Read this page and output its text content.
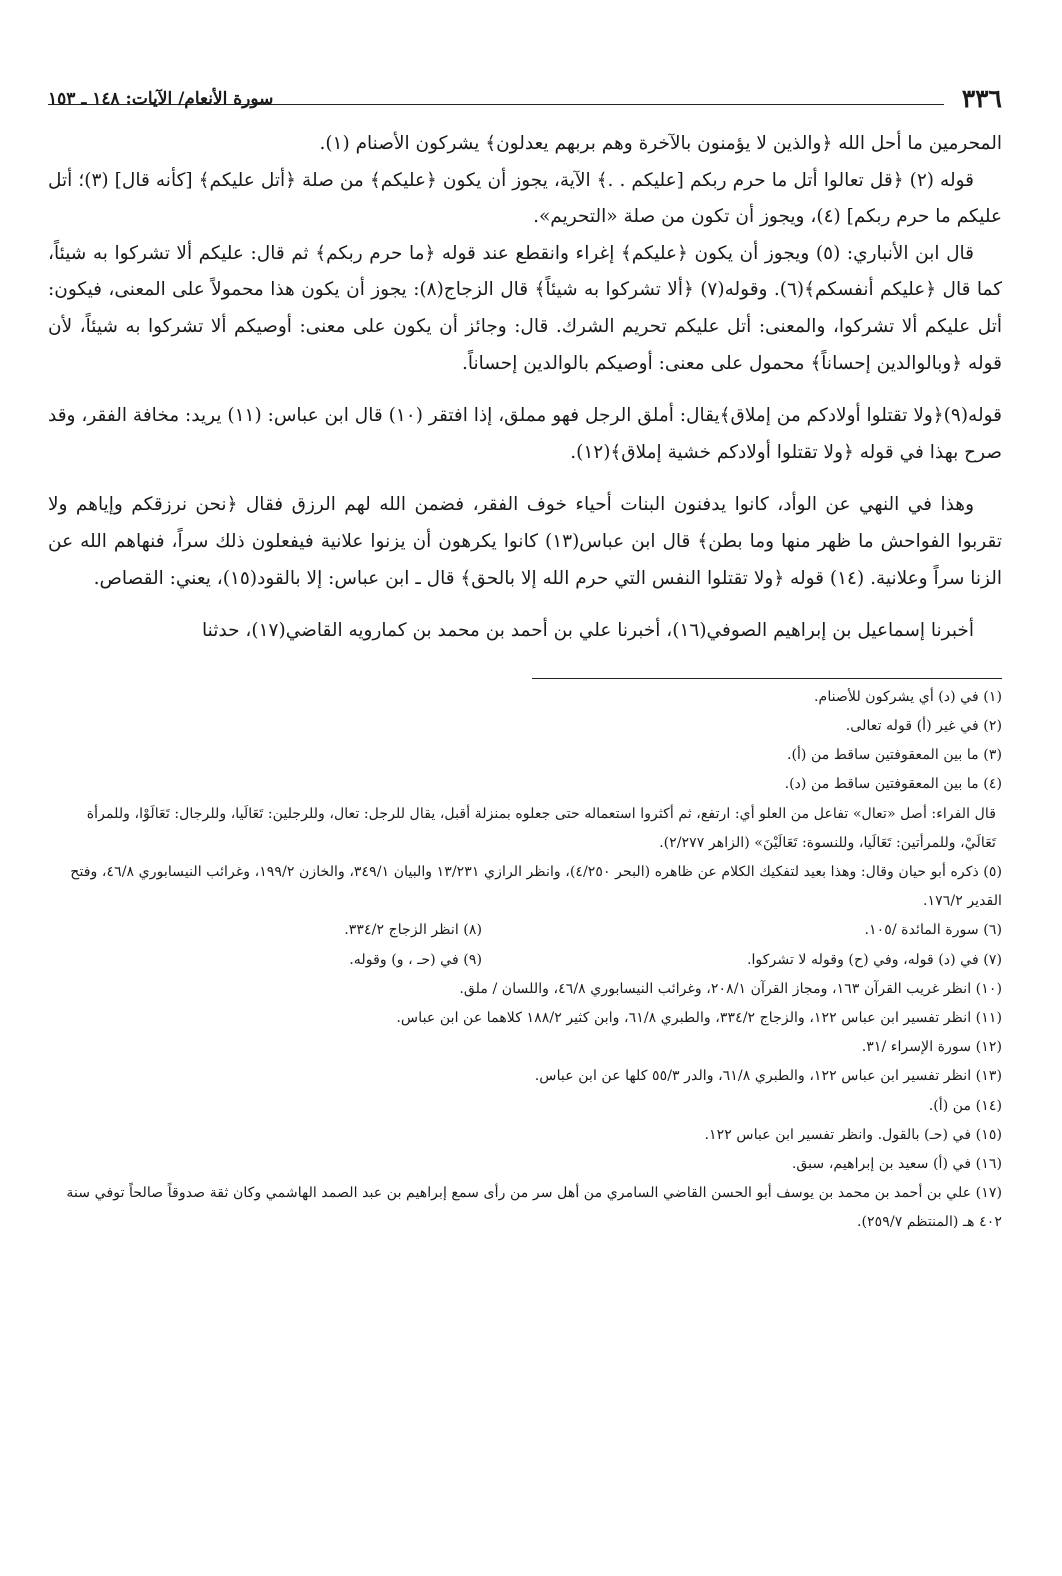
٣٣٦
سورة الأنعام/ الآيات: ١٤٨ ـ ١٥٣

المحرمين ما أحل الله ﴿والذين لا يؤمنون بالآخرة وهم بربهم يعدلون﴾ يشركون الأصنام (١).

قوله (٢) ﴿قل تعالوا أتل ما حرم ربكم [عليكم . .﴾ الآية، يجوز أن يكون ﴿عليكم﴾ من صلة ﴿أتل عليكم﴾ [كأنه قال] (٣)؛ أتل عليكم ما حرم ربكم] (٤)، ويجوز أن تكون من صلة «التحريم».

قال ابن الأنباري: (٥) ويجوز أن يكون ﴿عليكم﴾ إغراء وانقطع عند قوله ﴿ما حرم ربكم﴾ ثم قال: عليكم ألا تشركوا به شيئاً، كما قال ﴿عليكم أنفسكم﴾(٦). وقوله(٧) ﴿ألا تشركوا به شيئاً﴾ قال الزجاج(٨): يجوز أن يكون هذا محمولاً على المعنى، فيكون: أتل عليكم ألا تشركوا، والمعنى: أتل عليكم تحريم الشرك. قال: وجائز أن يكون على معنى: أوصيكم ألا تشركوا به شيئاً، لأن قوله ﴿وبالوالدين إحساناً﴾ محمول على معنى: أوصيكم بالوالدين إحساناً.

قوله(٩)﴿ولا تقتلوا أولادكم من إملاق﴾يقال: أملق الرجل فهو مملق، إذا افتقر (١٠) قال ابن عباس: (١١) يريد: مخافة الفقر، وقد صرح بهذا في قوله ﴿ولا تقتلوا أولادكم خشية إملاق﴾(١٢).

وهذا في النهي عن الوأد، كانوا يدفنون البنات أحياء خوف الفقر، فضمن الله لهم الرزق فقال ﴿نحن نرزقكم وإياهم ولا تقربوا الفواحش ما ظهر منها وما بطن﴾ قال ابن عباس(١٣) كانوا يكرهون أن يزنوا علانية فيفعلون ذلك سراً، فنهاهم الله عن الزنا سراً وعلانية. (١٤) قوله ﴿ولا تقتلوا النفس التي حرم الله إلا بالحق﴾ قال ـ ابن عباس: إلا بالقود(١٥)، يعني: القصاص.

أخبرنا إسماعيل بن إبراهيم الصوفي(١٦)، أخبرنا علي بن أحمد بن محمد بن كمارويه القاضي(١٧)، حدثنا

(١) في (د) أي يشركون للأصنام.

(٢) في غير (أ) قوله تعالى.

(٣) ما بين المعقوفتين ساقط من (أ).

(٤) ما بين المعقوفتين ساقط من (د).

قال الفراء: أصل «تعال» تفاعل من العلو أي: ارتفع، ثم أكثروا استعماله حتى جعلوه بمنزلة أقبل، يقال للرجل: تعال، وللرجلين: تَعَالَيا، وللرجال: تَعَالَوْا، وللمرأة تَعَالَيْ، وللمرأتين: تَعَالَيا، وللنسوة: تَعَالَيْنَ» (الزاهر ٢/٢٧٧).

(٥) ذكره أبو حيان وقال: وهذا بعيد لتفكيك الكلام عن ظاهره (البحر ٤/٢٥٠)، وانظر الرازي ١٣/٢٣١ والبيان ٣٤٩/١، والخازن ١٩٩/٢، وغرائب النيسابوري ٤٦/٨، وفتح القدير ١٧٦/٢.

(٦) سورة المائدة /١٠٥.
(٨) انظر الزجاج ٣٣٤/٢.
(٧) في (د) قوله، وفي (ح) وقوله لا تشركوا.
(٩) في (حـ ، و) وقوله.

(١٠) انظر غريب القرآن ١٦٣، ومجاز القرآن ٢٠٨/١، وغرائب النيسابوري ٤٦/٨، واللسان / ملق.

(١١) انظر تفسير ابن عباس ١٢٢، والزجاج ٣٣٤/٢، والطبري ٦١/٨، وابن كثير ١٨٨/٢ كلاهما عن ابن عباس.

(١٢) سورة الإسراء /٣١.

(١٣) انظر تفسير ابن عباس ١٢٢، والطبري ٦١/٨، والدر ٥٥/٣ كلها عن ابن عباس.

(١٤) من (أ).

(١٥) في (حـ) بالقول. وانظر تفسير ابن عباس ١٢٢.

(١٦) في (أ) سعيد بن إبراهيم، سبق.

(١٧) علي بن أحمد بن محمد بن يوسف أبو الحسن القاضي السامري من أهل سر من رأى سمع إبراهيم بن عبد الصمد الهاشمي وكان ثقة صدوقاً صالحاً توفي سنة ٤٠٢ هـ (المنتظم ٢٥٩/٧).
